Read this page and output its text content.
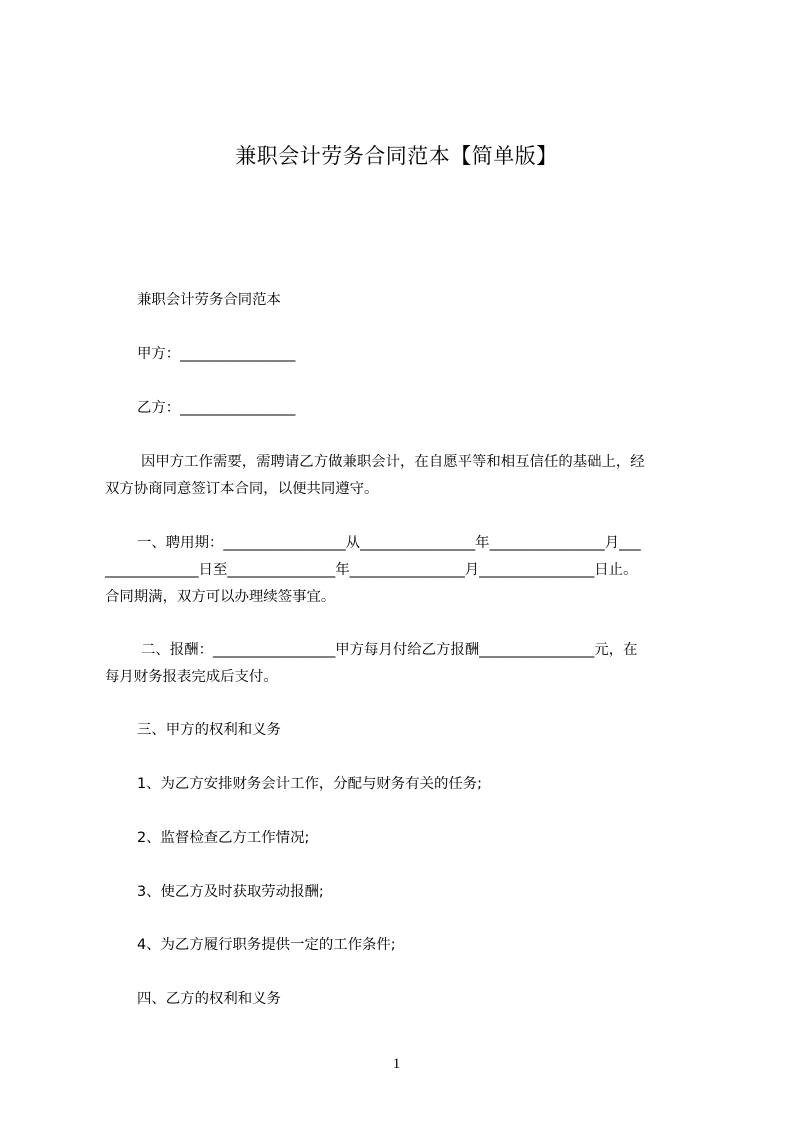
兼职会计劳务合同范本【简单版】
兼职会计劳务合同范本
甲方：________________
乙方：________________
因甲方工作需要，需聘请乙方做兼职会计，在自愿平等和相互信任的基础上，经
双方协商同意签订本合同，以便共同遵守。
一、聘用期：_________________从________________年________________月___
_____________日至_______________年________________月________________日止。
合同期满，双方可以办理续签事宜。
二、报酬：_________________甲方每月付给乙方报酬________________元，在
每月财务报表完成后支付。
三、甲方的权利和义务
1、为乙方安排财务会计工作，分配与财务有关的任务;
2、监督检查乙方工作情况;
3、使乙方及时获取劳动报酬;
4、为乙方履行职务提供一定的工作条件;
四、乙方的权利和义务
1
